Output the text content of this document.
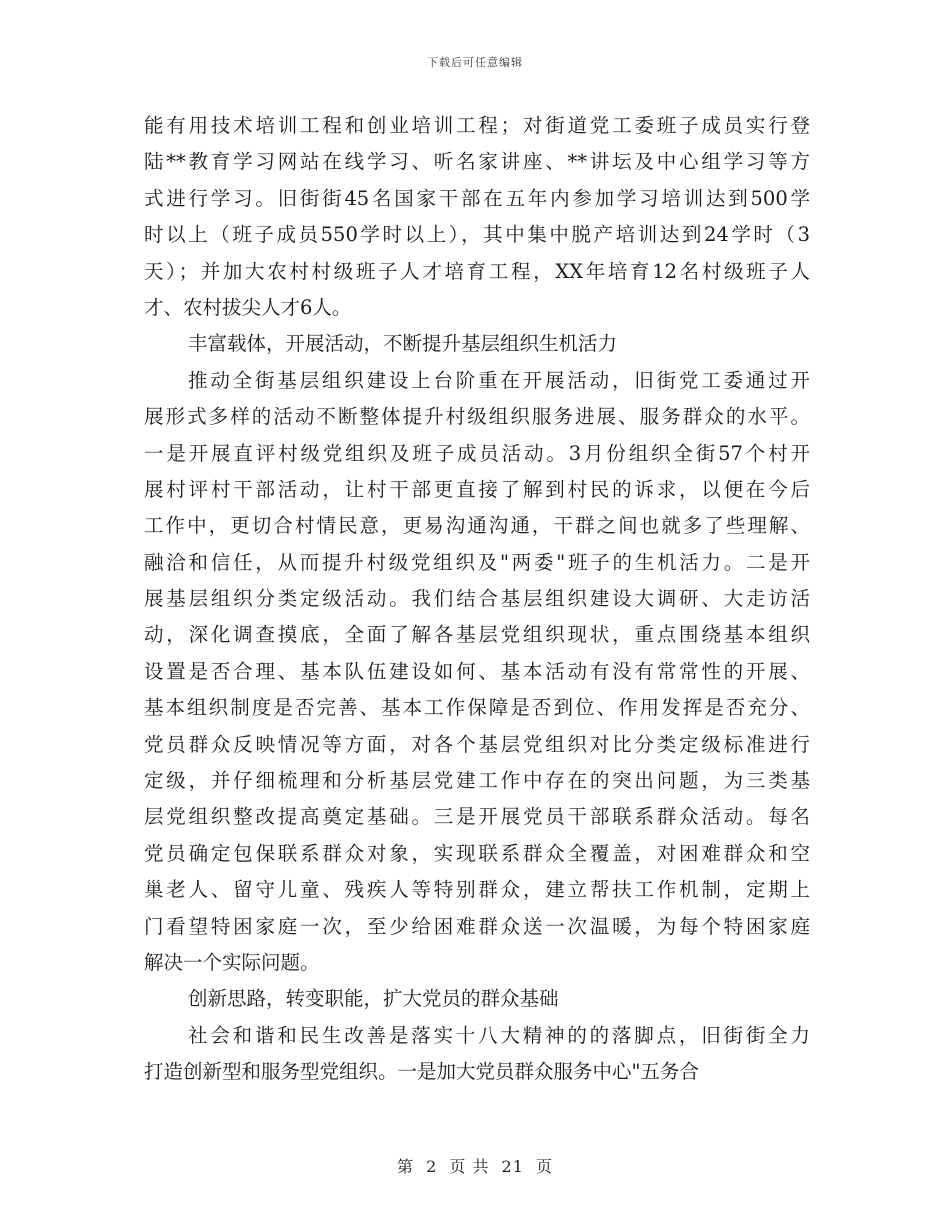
下载后可任意编辑
能有用技术培训工程和创业培训工程；对街道党工委班子成员实行登
陆**教育学习网站在线学习、听名家讲座、**讲坛及中心组学习等方
式进行学习。旧街街45名国家干部在五年内参加学习培训达到500学
时以上（班子成员550学时以上），其中集中脱产培训达到24学时（3
天）；并加大农村村级班子人才培育工程，XX年培育12名村级班子人
才、农村拔尖人才6人。
丰富载体，开展活动，不断提升基层组织生机活力
推动全街基层组织建设上台阶重在开展活动，旧街党工委通过开
展形式多样的活动不断整体提升村级组织服务进展、服务群众的水平。
一是开展直评村级党组织及班子成员活动。3月份组织全街57个村开
展村评村干部活动，让村干部更直接了解到村民的诉求，以便在今后
工作中，更切合村情民意，更易沟通沟通，干群之间也就多了些理解、
融洽和信任，从而提升村级党组织及"两委"班子的生机活力。二是开
展基层组织分类定级活动。我们结合基层组织建设大调研、大走访活
动，深化调查摸底，全面了解各基层党组织现状，重点围绕基本组织
设置是否合理、基本队伍建设如何、基本活动有没有常常性的开展、
基本组织制度是否完善、基本工作保障是否到位、作用发挥是否充分、
党员群众反映情况等方面，对各个基层党组织对比分类定级标准进行
定级，并仔细梳理和分析基层党建工作中存在的突出问题，为三类基
层党组织整改提高奠定基础。三是开展党员干部联系群众活动。每名
党员确定包保联系群众对象，实现联系群众全覆盖，对困难群众和空
巢老人、留守儿童、残疾人等特别群众，建立帮扶工作机制，定期上
门看望特困家庭一次，至少给困难群众送一次温暖，为每个特困家庭
解决一个实际问题。
创新思路，转变职能，扩大党员的群众基础
社会和谐和民生改善是落实十八大精神的的落脚点，旧街街全力
打造创新型和服务型党组织。一是加大党员群众服务中心"五务合
第 2 页 共 21 页
